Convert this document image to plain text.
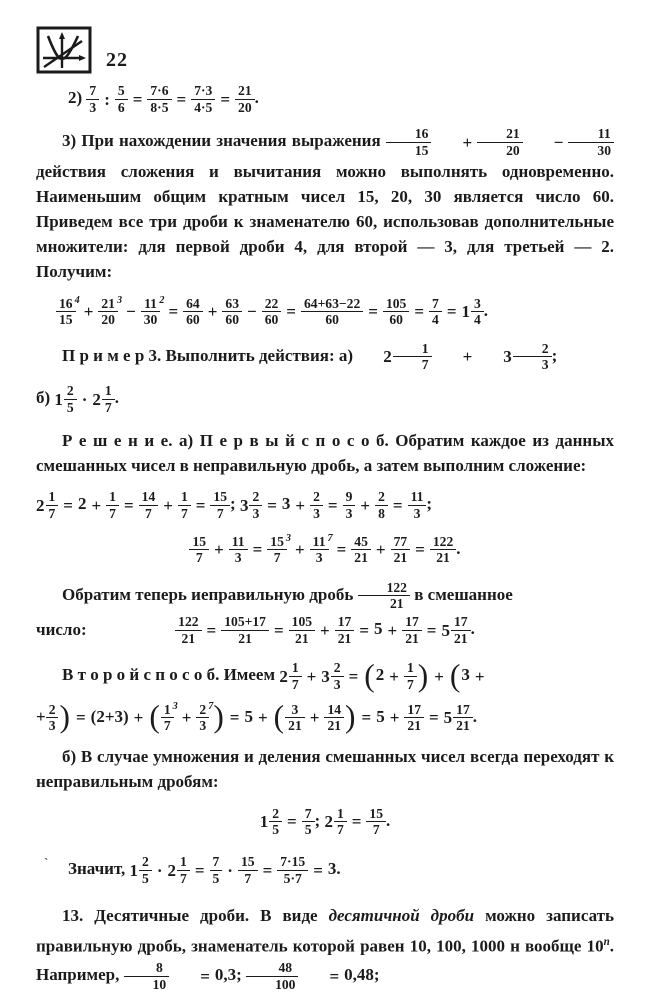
22
$2) \frac{7}{3}$ : $\frac{5}{6} = \frac{7\cdot 6}{8\cdot 5} = \frac{7\cdot 3}{4\cdot 5} = \frac{21}{20}$ .
3) При нахождении значения выражения $\frac{16}{15} + \frac{21}{20} - \frac{11}{30}$
действия сложения и вычитания можно выполнять одновременно. Наименьшим общим кратным чисел 15, 20, 30 является число 60. Приведем все три дроби к знаменателю 60, использовав дополнительные множители: для первой дроби 4, для второй — 3, для третьей — 2. Получим:
$\frac{16}{15} 4$
+ $\frac{21}{20} 3$
− $\frac{11}{30} 2$
= $\frac{64}{60} + \frac{63}{60} - \frac{22}{60} = \frac{64+63-22}{60} = \frac{105}{60} = \frac{7}{4} = 1 \frac{3}{4}$ .
П р и м е р 3. Выполнить действия: а)	$2 \frac{1}{7}$ +	$3 \frac{2}{3}$ ;
б) $1 \frac{2}{5} \cdot 2 \frac{1}{7}$ .
Р е ш е н и е. а) П е р в ы й с п о с о б. Обратим каждое из данных смешанных чисел в неправильную дробь, а затем выполним сложение:
$2 \frac{1}{7} = 2 + \frac{1}{7} = \frac{14}{7} + \frac{1}{7} = \frac{15}{7}$ ; $3 \frac{2}{3} = 3 + \frac{2}{3} = \frac{9}{3} + \frac{2}{8} = \frac{11}{3}$ ;
$\frac{15}{7} + \frac{11}{3} = \frac{15}{7} 3$
+ $\frac{11}{3} 7$
= $\frac{45}{21} + \frac{77}{21} = \frac{122}{21}$ .
Обратим теперь иеправильную дробь $\frac{122}{21}$ в смешанное
число:	$\frac{122}{21} = \frac{105+17}{21} = \frac{105}{21} + \frac{17}{21} = 5 + \frac{17}{21} = 5 \frac{17}{21}$ .
В т о р о й с п о с о б. Имеем $2 \frac{1}{7} + 3 \frac{2}{3} = (2 + \frac{1}{7}$ ) + (3 +
+ $\frac{2}{3}$ ) = (2+3) + ( $\frac{1}{7} 3$
+ $\frac{2}{3} 7$ ) = 5 + ( $\frac{3}{21} + \frac{14}{21}$ ) = $5 + \frac{17}{21} = 5 \frac{17}{21}$ .
б) В случае умножения и деления смешанных чисел всегда переходят к неправильным дробям:
$1 \frac{2}{5} = \frac{7}{5}$ ; $2 \frac{1}{7} = \frac{15}{7}$ .
ˋ Значит, $1 \frac{2}{5} \cdot 2 \frac{1}{7} = \frac{7}{5} \cdot \frac{15}{7} = \frac{7\cdot 15}{5\cdot 7} = 3$.
13. Десятичные дроби. В виде десятичной дроби можно записать правильную дробь, знаменатель которой равен 10, 100, 1000 н вообще 10$^n$. Например, $\frac{8}{10} = 0,3$; $\frac{48}{100} = 0,48$;
